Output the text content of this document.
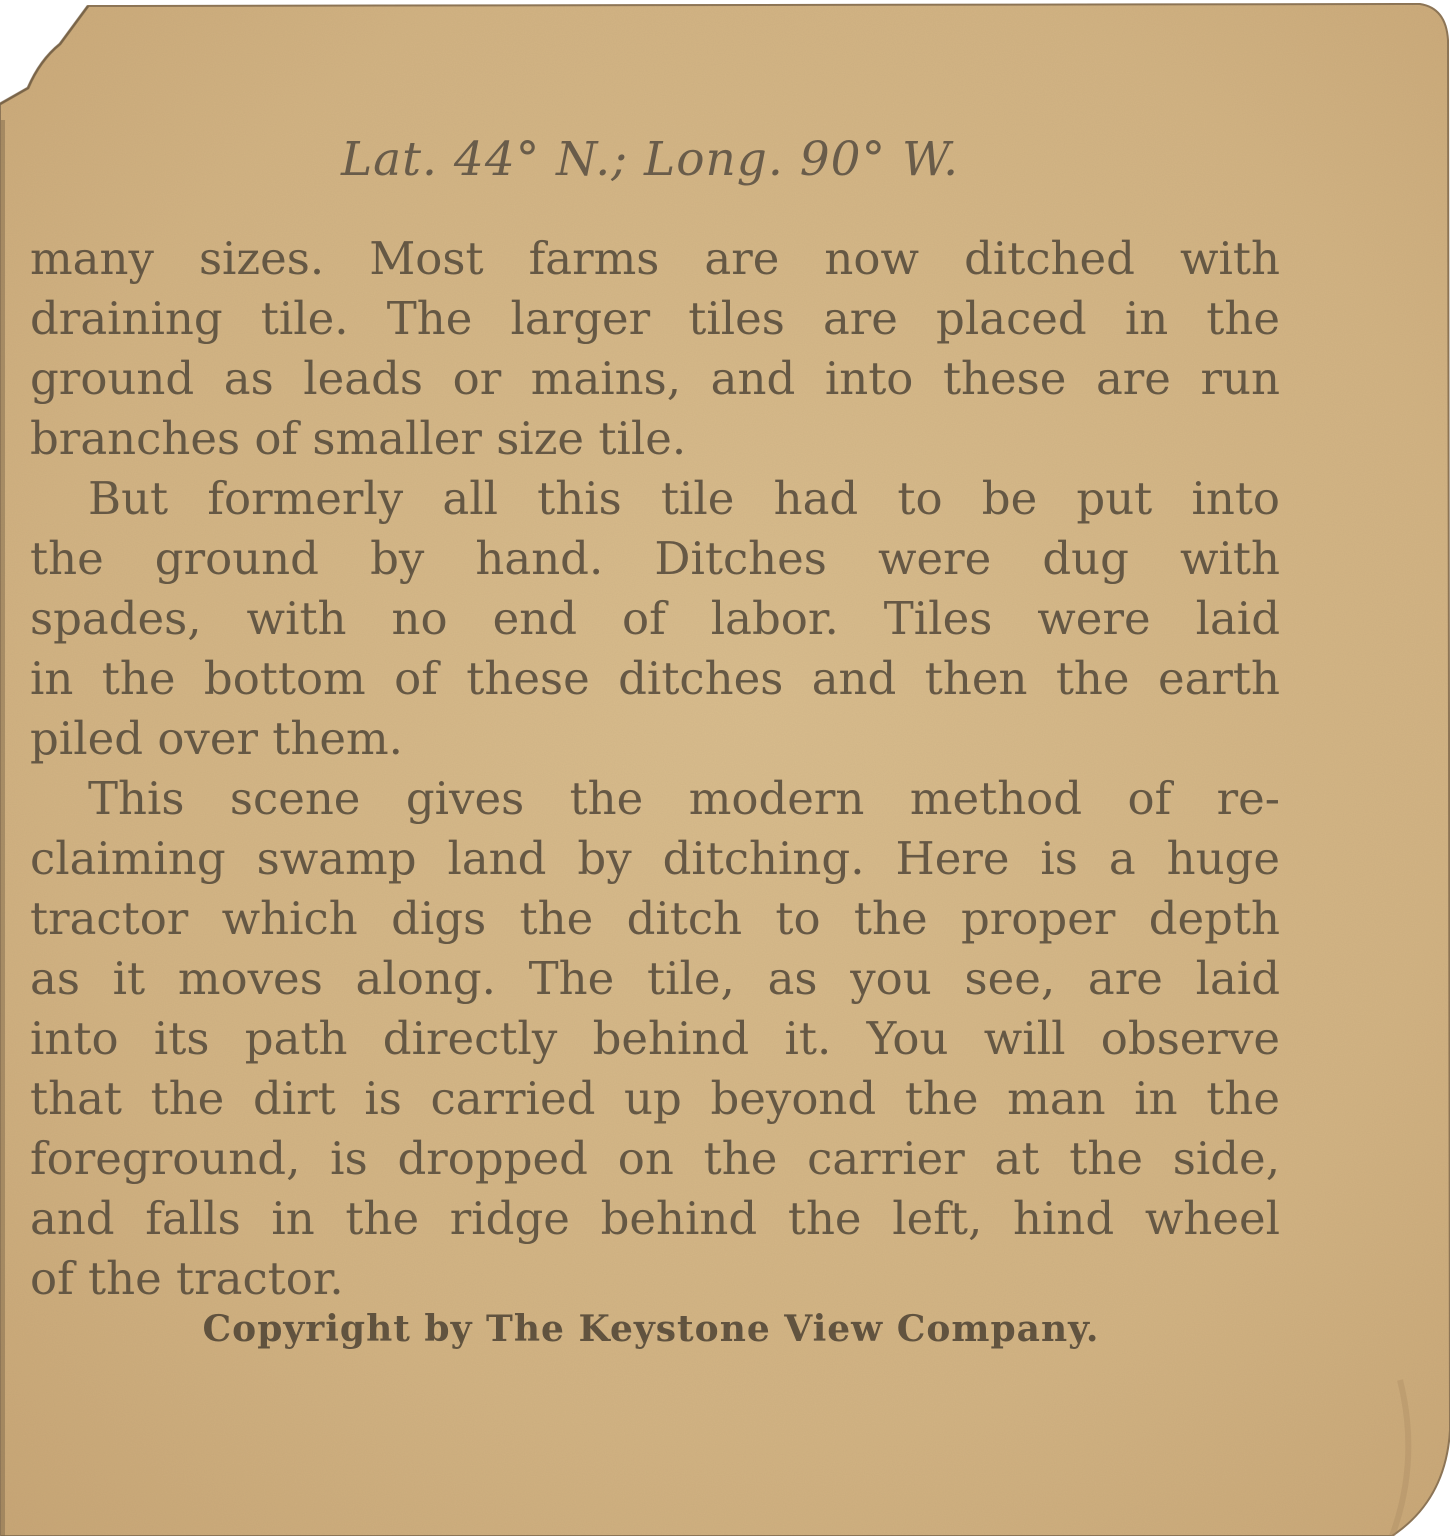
Lat. 44° N.; Long. 90° W.
many sizes. Most farms are now ditched with
draining tile. The larger tiles are placed in the
ground as leads or mains, and into these are run
branches of smaller size tile.
But formerly all this tile had to be put into
the ground by hand. Ditches were dug with
spades, with no end of labor. Tiles were laid
in the bottom of these ditches and then the earth
piled over them.
This scene gives the modern method of re-
claiming swamp land by ditching. Here is a huge
tractor which digs the ditch to the proper depth
as it moves along. The tile, as you see, are laid
into its path directly behind it. You will observe
that the dirt is carried up beyond the man in the
foreground, is dropped on the carrier at the side,
and falls in the ridge behind the left, hind wheel
of the tractor.
Copyright by The Keystone View Company.
